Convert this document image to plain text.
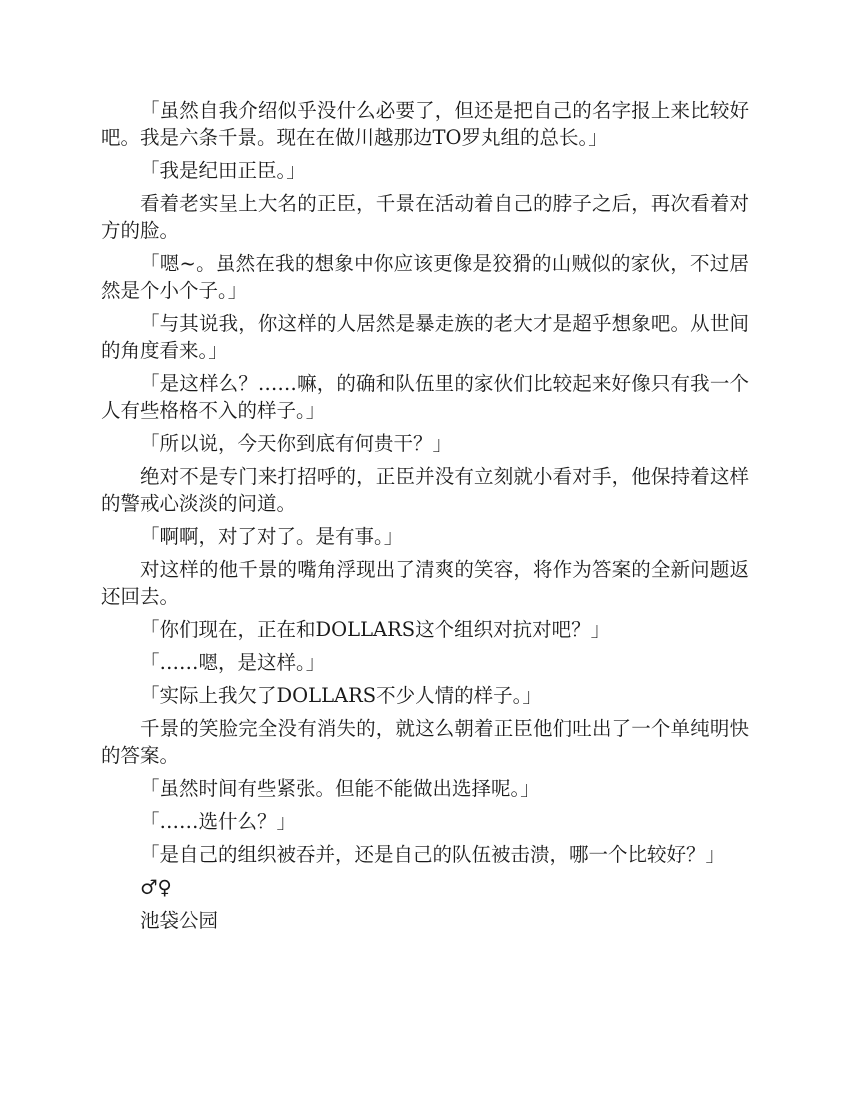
「虽然自我介绍似乎没什么必要了，但还是把自己的名字报上来比较好吧。我是六条千景。现在在做川越那边TO罗丸组的总长。」

「我是纪田正臣。」

看着老实呈上大名的正臣，千景在活动着自己的脖子之后，再次看着对方的脸。

「嗯~。虽然在我的想象中你应该更像是狡猾的山贼似的家伙，不过居然是个小个子。」

「与其说我，你这样的人居然是暴走族的老大才是超乎想象吧。从世间的角度看来。」

「是这样么？……嘛，的确和队伍里的家伙们比较起来好像只有我一个人有些格格不入的样子。」

「所以说，今天你到底有何贵干？」

绝对不是专门来打招呼的，正臣并没有立刻就小看对手，他保持着这样的警戒心淡淡的问道。

「啊啊，对了对了。是有事。」

对这样的他千景的嘴角浮现出了清爽的笑容，将作为答案的全新问题返还回去。

「你们现在，正在和DOLLARS这个组织对抗对吧？」

「……嗯，是这样。」

「实际上我欠了DOLLARS不少人情的样子。」

千景的笑脸完全没有消失的，就这么朝着正臣他们吐出了一个单纯明快的答案。

「虽然时间有些紧张。但能不能做出选择呢。」

「……选什么？」

「是自己的组织被吞并，还是自己的队伍被击溃，哪一个比较好？」

♂♀

池袋公园
